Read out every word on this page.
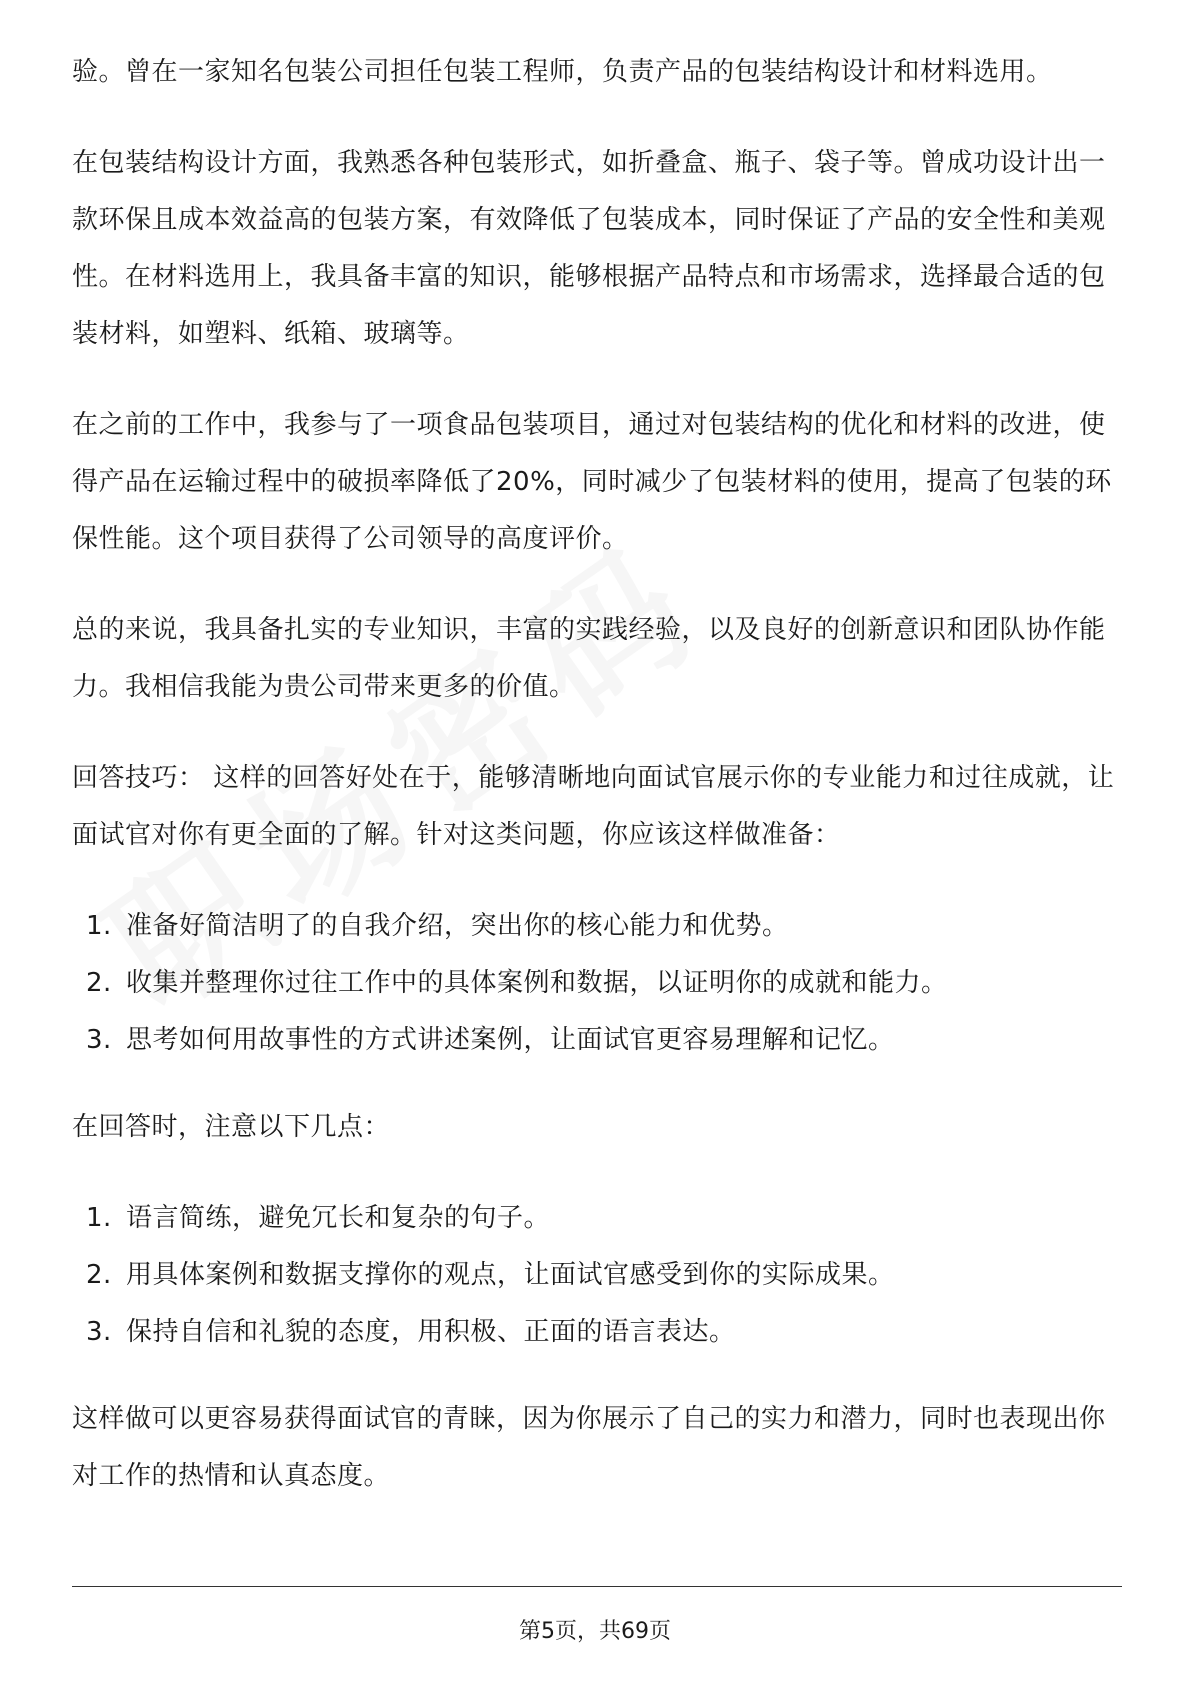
验。曾在一家知名包装公司担任包装工程师，负责产品的包装结构设计和材料选用。

在包装结构设计方面，我熟悉各种包装形式，如折叠盒、瓶子、袋子等。曾成功设计出一款环保且成本效益高的包装方案，有效降低了包装成本，同时保证了产品的安全性和美观性。在材料选用上，我具备丰富的知识，能够根据产品特点和市场需求，选择最合适的包装材料，如塑料、纸箱、玻璃等。

在之前的工作中，我参与了一项食品包装项目，通过对包装结构的优化和材料的改进，使得产品在运输过程中的破损率降低了20%，同时减少了包装材料的使用，提高了包装的环保性能。这个项目获得了公司领导的高度评价。

总的来说，我具备扎实的专业知识，丰富的实践经验，以及良好的创新意识和团队协作能力。我相信我能为贵公司带来更多的价值。

回答技巧： 这样的回答好处在于，能够清晰地向面试官展示你的专业能力和过往成就，让面试官对你有更全面的了解。针对这类问题，你应该这样做准备：

1. 准备好简洁明了的自我介绍，突出你的核心能力和优势。
2. 收集并整理你过往工作中的具体案例和数据，以证明你的成就和能力。
3. 思考如何用故事性的方式讲述案例，让面试官更容易理解和记忆。

在回答时，注意以下几点：

1. 语言简练，避免冗长和复杂的句子。
2. 用具体案例和数据支撑你的观点，让面试官感受到你的实际成果。
3. 保持自信和礼貌的态度，用积极、正面的语言表达。

这样做可以更容易获得面试官的青睐，因为你展示了自己的实力和潜力，同时也表现出你对工作的热情和认真态度。

第5页，共69页
